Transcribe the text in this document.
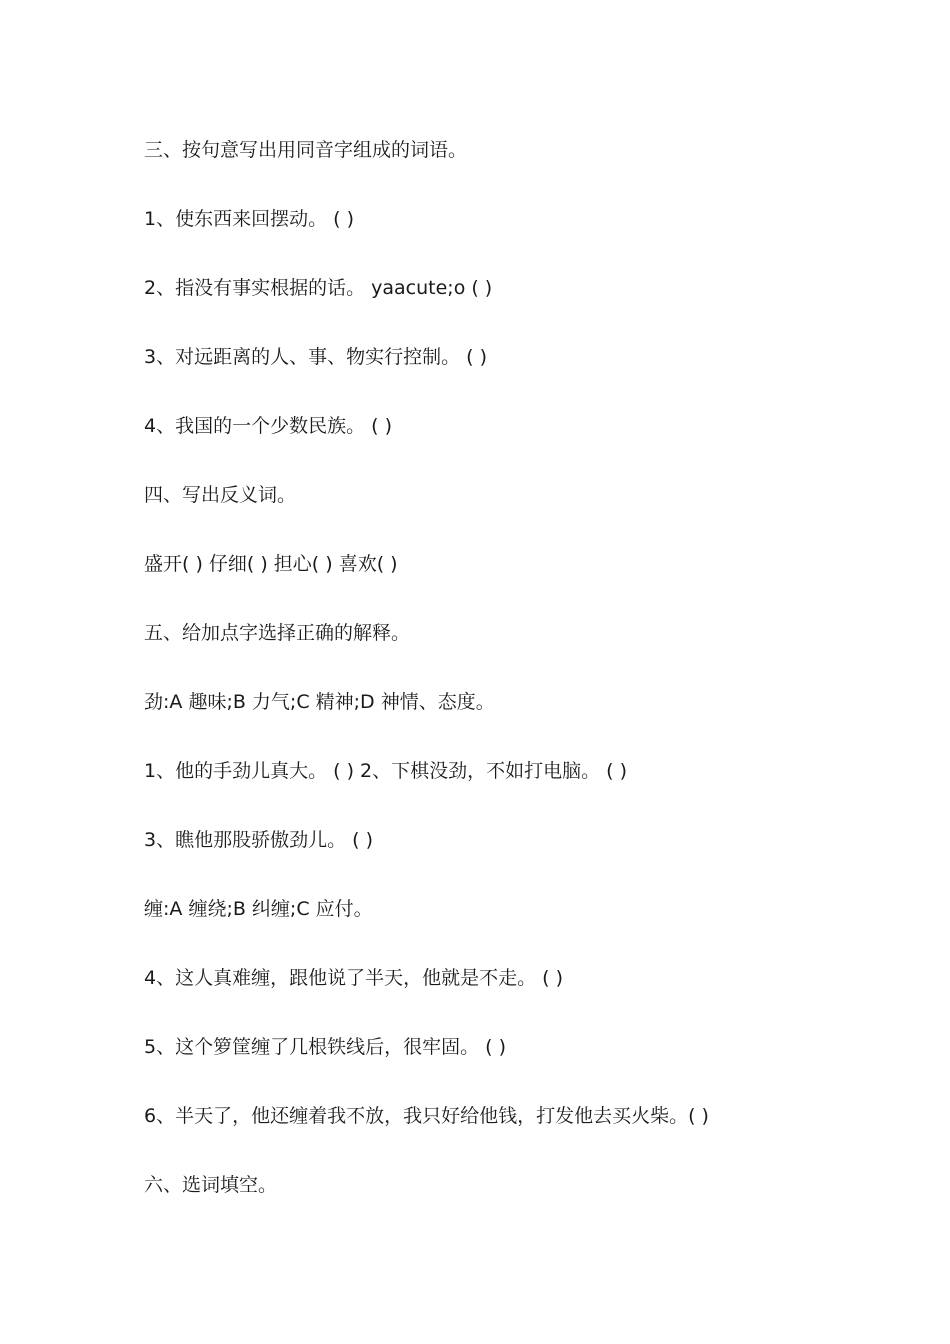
三、按句意写出用同音字组成的词语。
1、使东西来回摆动。 ( )
2、指没有事实根据的话。 yaacute;o ( )
3、对远距离的人、事、物实行控制。 ( )
4、我国的一个少数民族。 ( )
四、写出反义词。
盛开( ) 仔细( ) 担心( ) 喜欢( )
五、给加点字选择正确的解释。
劲:A 趣味;B 力气;C 精神;D 神情、态度。
1、他的手劲儿真大。 ( ) 2、下棋没劲，不如打电脑。 ( )
3、瞧他那股骄傲劲儿。 ( )
缠:A 缠绕;B 纠缠;C 应付。
4、这人真难缠，跟他说了半天，他就是不走。 ( )
5、这个箩筐缠了几根铁线后，很牢固。 ( )
6、半天了，他还缠着我不放，我只好给他钱，打发他去买火柴。( )
六、选词填空。
